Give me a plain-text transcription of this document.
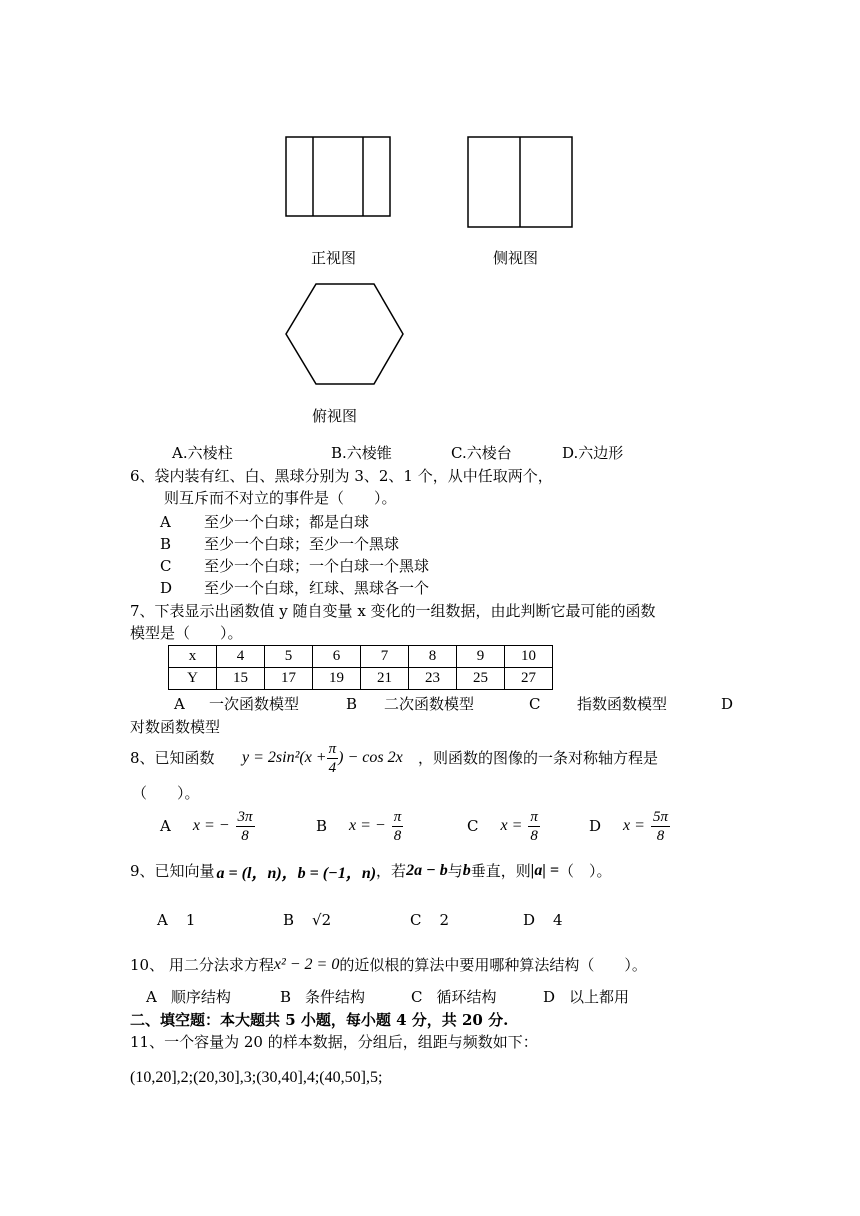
正视图	侧视图
俯视图
A.六棱柱	B.六棱锥	C.六棱台	D.六边形
6、袋内装有红、白、黑球分别为 3、2、1 个，从中任取两个，
则互斥而不对立的事件是（　　）。
A 至少一个白球；都是白球
B 至少一个白球；至少一个黑球
C 至少一个白球；一个白球一个黑球
D 至少一个白球，红球、黑球各一个
7、下表显示出函数值 y 随自变量 x 变化的一组数据，由此判断它最可能的函数
模型是（　　）。
x	4	5	6	7	8	9	10
Y	15	17	19	21	23	25	27
A 一次函数模型	B 二次函数模型	C 指数函数模型	D
对数函数模型
8、已知函数 $y = 2\sin^2(x + \frac{\pi}{4}$ ) − cos 2x ，则函数的图像的一条对称轴方程是
（　　）。
A x = − $\frac{3\pi}{8}$	B x = − $\frac{\pi}{8}$	C $x = \frac{\pi}{8}$	D $x = \frac{5\pi}{8}$
9、已知向量 a = (l，n)， b = (−1，n) ，若 2a − b 与 b 垂直，则 |a| = （　）。
A 1	B √2	C 2	D 4
10、 用二分法求方程 x² − 2 = 0 的近似根的算法中要用哪种算法结构（　　）。
A 顺序结构	B 条件结构	C 循环结构	D 以上都用
二、填空题：本大题共 5 小题，每小题 4 分，共 20 分.
11、一个容量为 20 的样本数据，分组后，组距与频数如下：
(10,20],2;(20,30],3;(30,40],4;(40,50],5;
